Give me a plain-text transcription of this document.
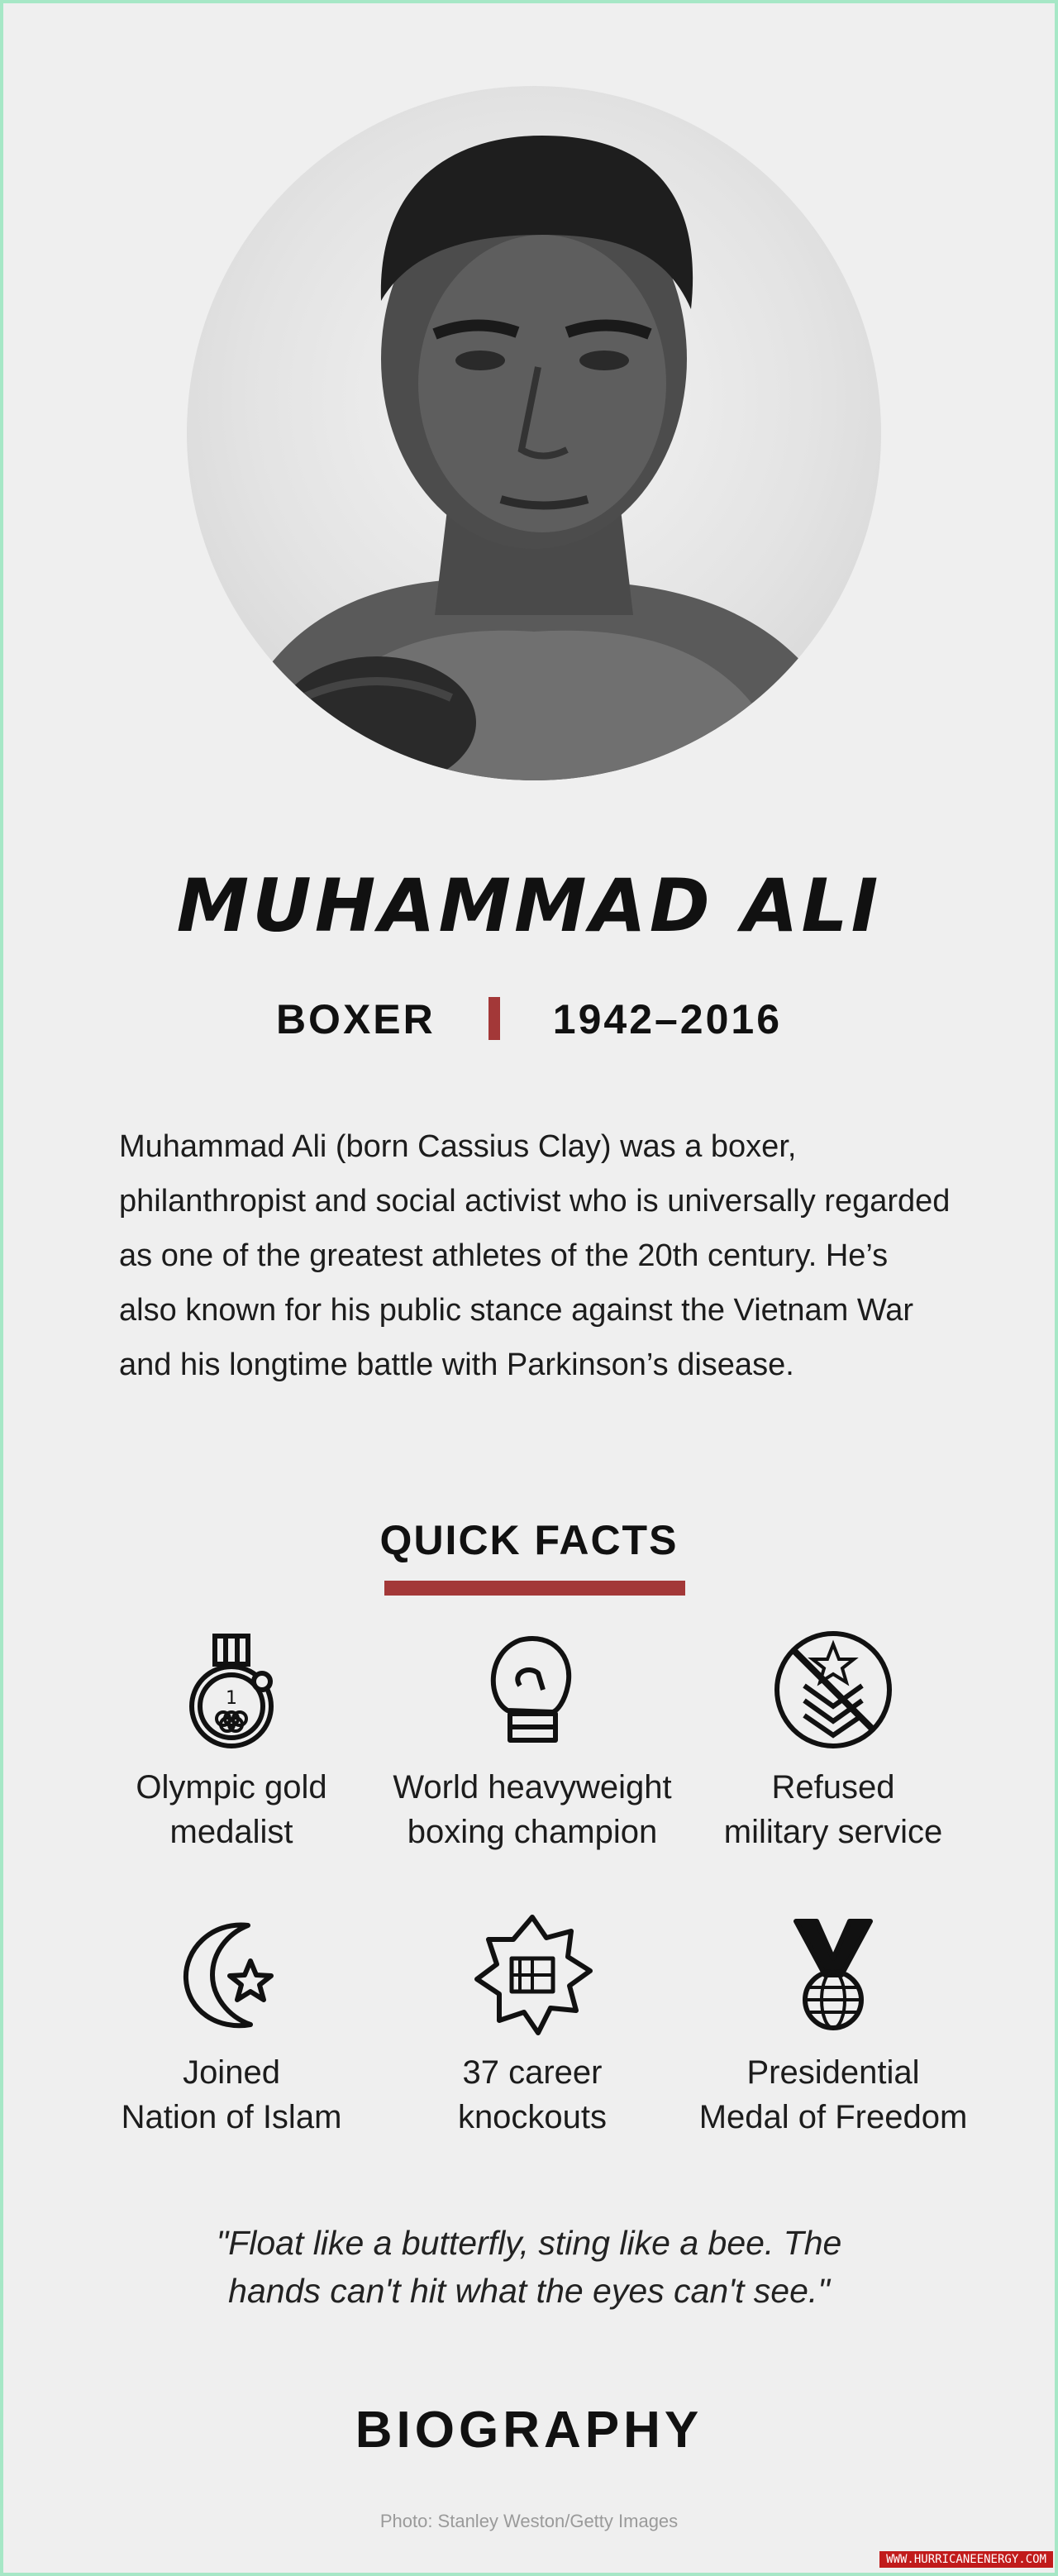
MUHAMMAD ALI
BOXER	1942–2016
Muhammad Ali (born Cassius Clay) was a boxer, philanthropist and social activist who is universally regarded as one of the greatest athletes of the 20th century. He’s also known for his public stance against the Vietnam War and his longtime battle with Parkinson’s disease.
QUICK FACTS
1
Olympic gold
medalist
World heavyweight
boxing champion
Refused
military service
Joined
Nation of Islam
37 career
knockouts
Presidential
Medal of Freedom
"Float like a butterfly, sting like a bee. The
hands can't hit what the eyes can't see."
BIOGRAPHY
Photo: Stanley Weston/Getty Images
WWW.HURRICANEENERGY.COM
